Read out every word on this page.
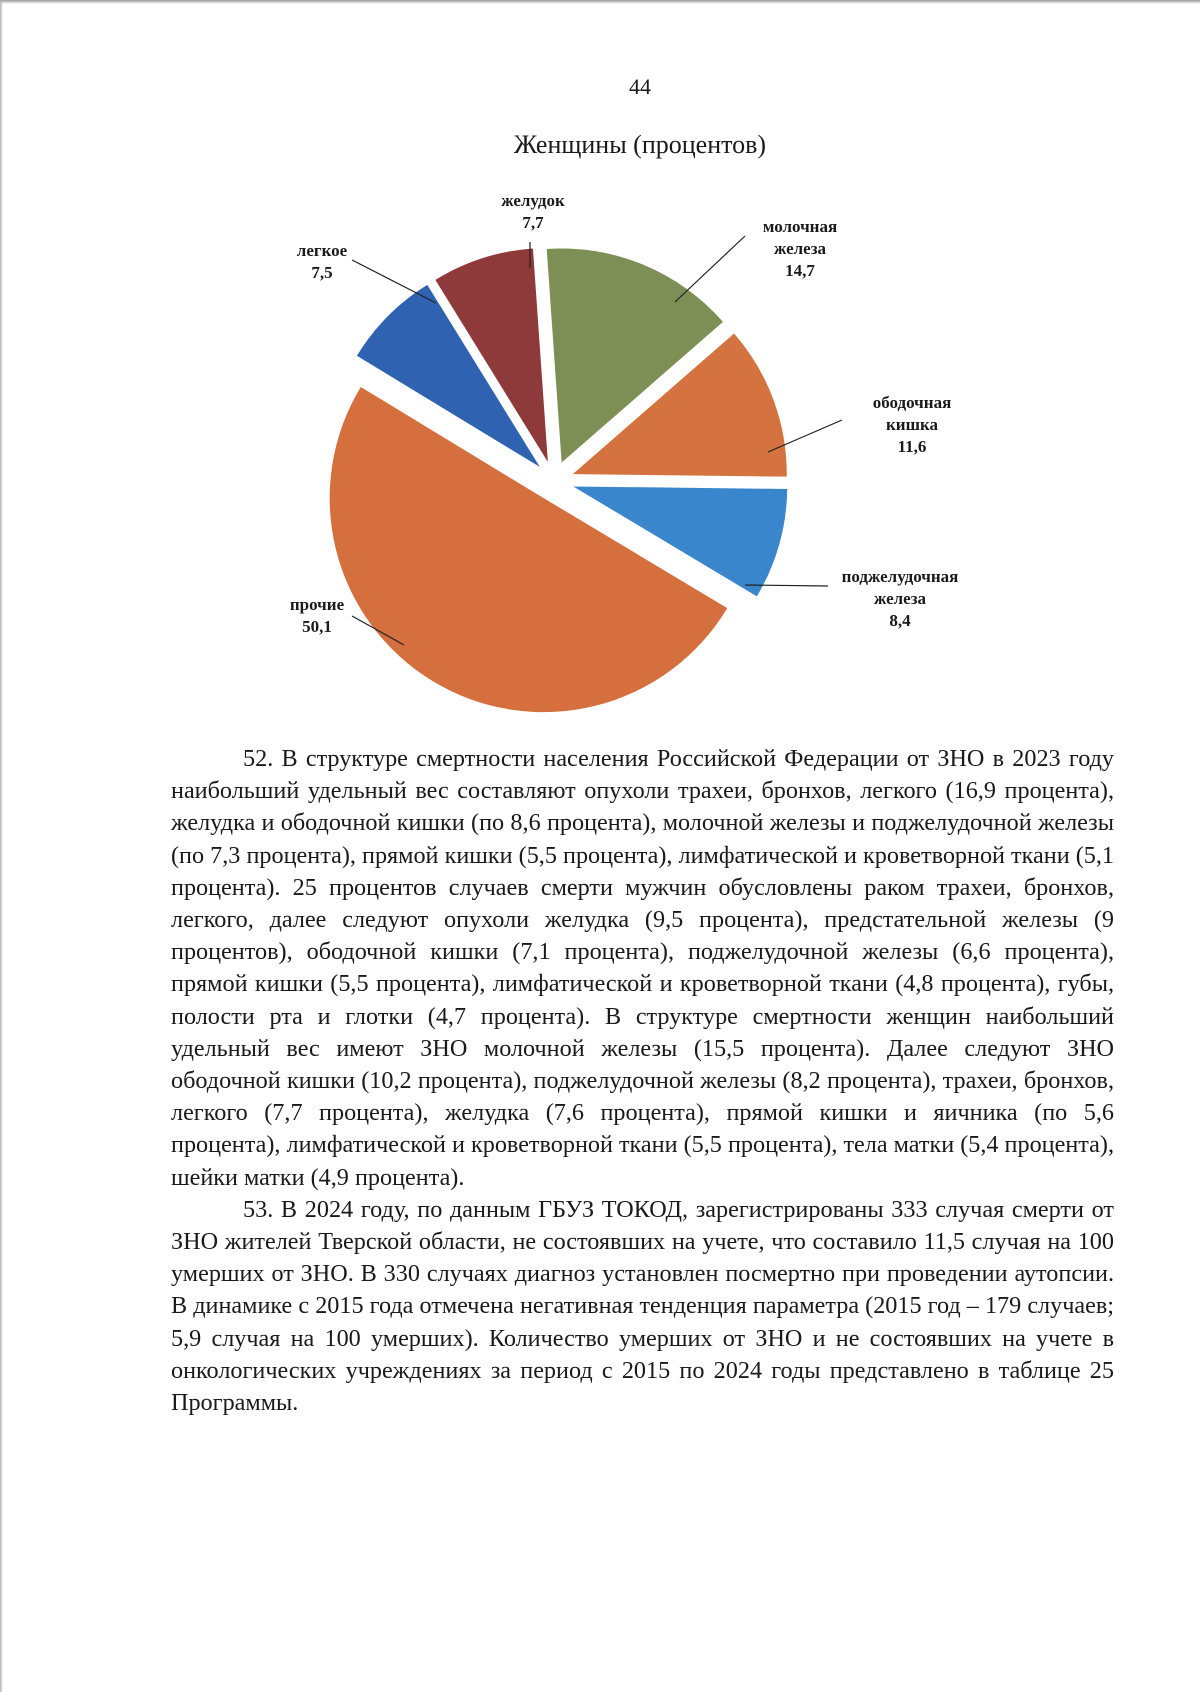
44
Женщины (процентов)
молочная железа 14,7
ободочная кишка 11,6
поджелудочная железа 8,4
прочие 50,1
легкое 7,5
желудок 7,7

52. В структуре смертности населения Российской Федерации от ЗНО в 2023 году наибольший удельный вес составляют опухоли трахеи, бронхов, легкого (16,9 процента), желудка и ободочной кишки (по 8,6 процента), молочной железы и поджелудочной железы (по 7,3 процента), прямой кишки (5,5 процента), лимфатической и кроветворной ткани (5,1 процента). 25 процентов случаев смерти мужчин обусловлены раком трахеи, бронхов, легкого, далее следуют опухоли желудка (9,5 процента), предстательной железы (9 процентов), ободочной кишки (7,1 процента), поджелудочной железы (6,6 процента), прямой кишки (5,5 процента), лимфатической и кроветворной ткани (4,8 процента), губы, полости рта и глотки (4,7 процента). В структуре смертности женщин наибольший удельный вес имеют ЗНО молочной железы (15,5 процента). Далее следуют ЗНО ободочной кишки (10,2 процента), поджелудочной железы (8,2 процента), трахеи, бронхов, легкого (7,7 процента), желудка (7,6 процента), прямой кишки и яичника (по 5,6 процента), лимфатической и кроветворной ткани (5,5 процента), тела матки (5,4 процента), шейки матки (4,9 процента).

53. В 2024 году, по данным ГБУЗ ТОКОД, зарегистрированы 333 случая смерти от ЗНО жителей Тверской области, не состоявших на учете, что составило 11,5 случая на 100 умерших от ЗНО. В 330 случаях диагноз установлен посмертно при проведении аутопсии. В динамике с 2015 года отмечена негативная тенденция параметра (2015 год – 179 случаев; 5,9 случая на 100 умерших). Количество умерших от ЗНО и не состоявших на учете в онкологических учреждениях за период с 2015 по 2024 годы представлено в таблице 25 Программы.
